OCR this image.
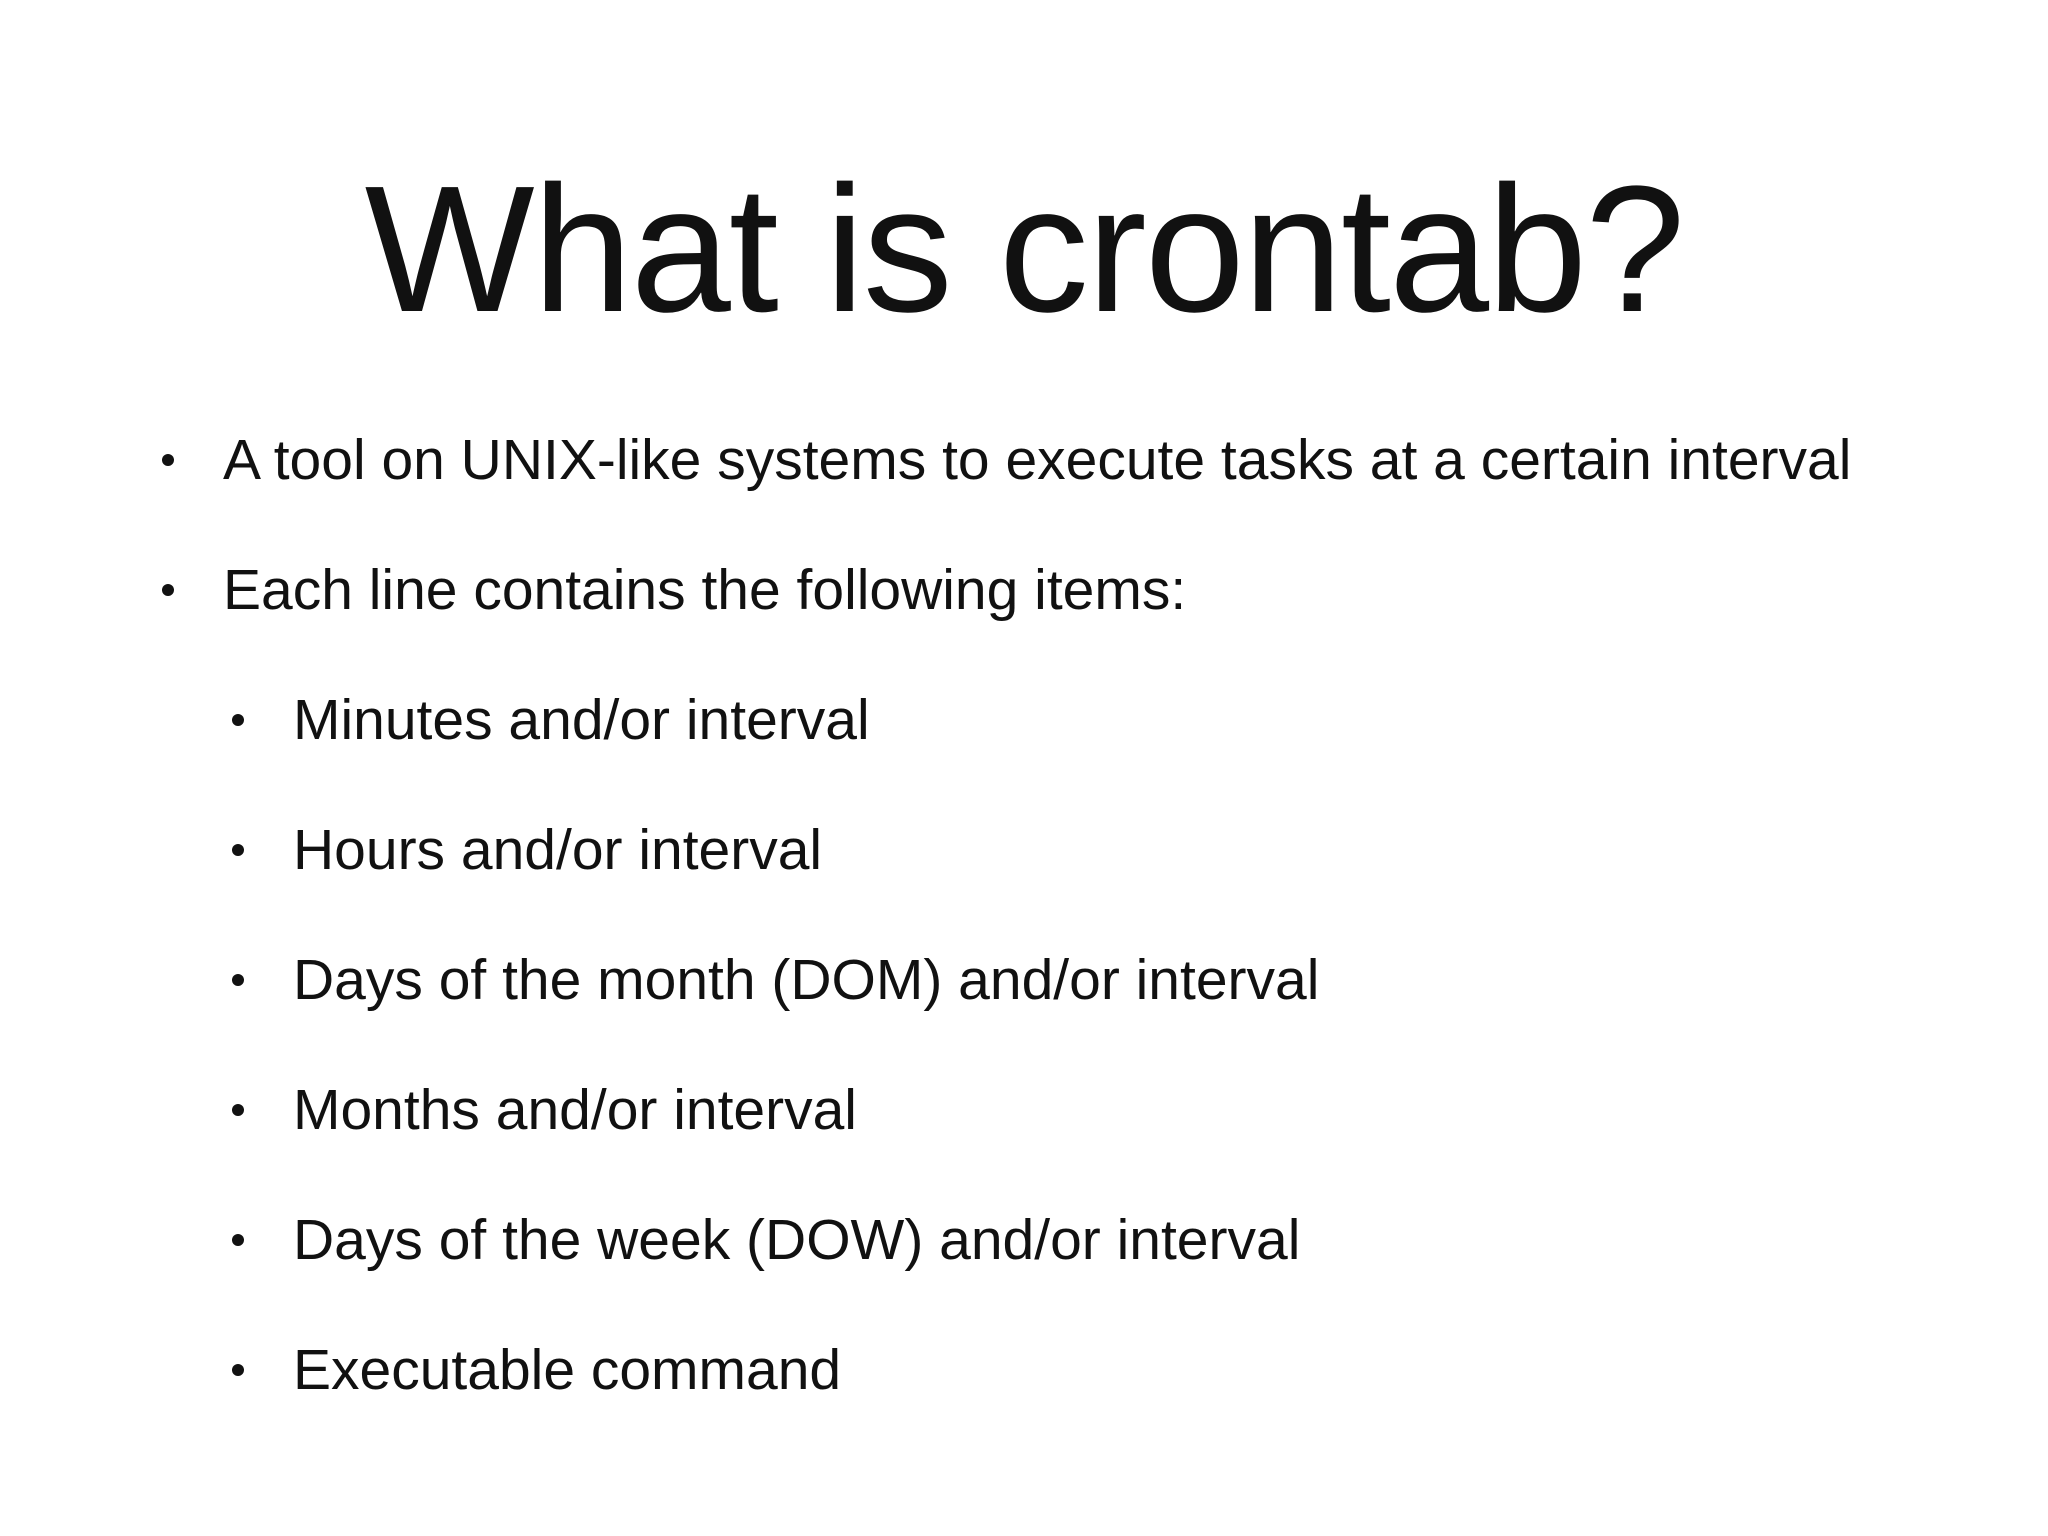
What is crontab?
A tool on UNIX-like systems to execute tasks at a certain interval
Each line contains the following items:
Minutes and/or interval
Hours and/or interval
Days of the month (DOM) and/or interval
Months and/or interval
Days of the week (DOW) and/or interval
Executable command
